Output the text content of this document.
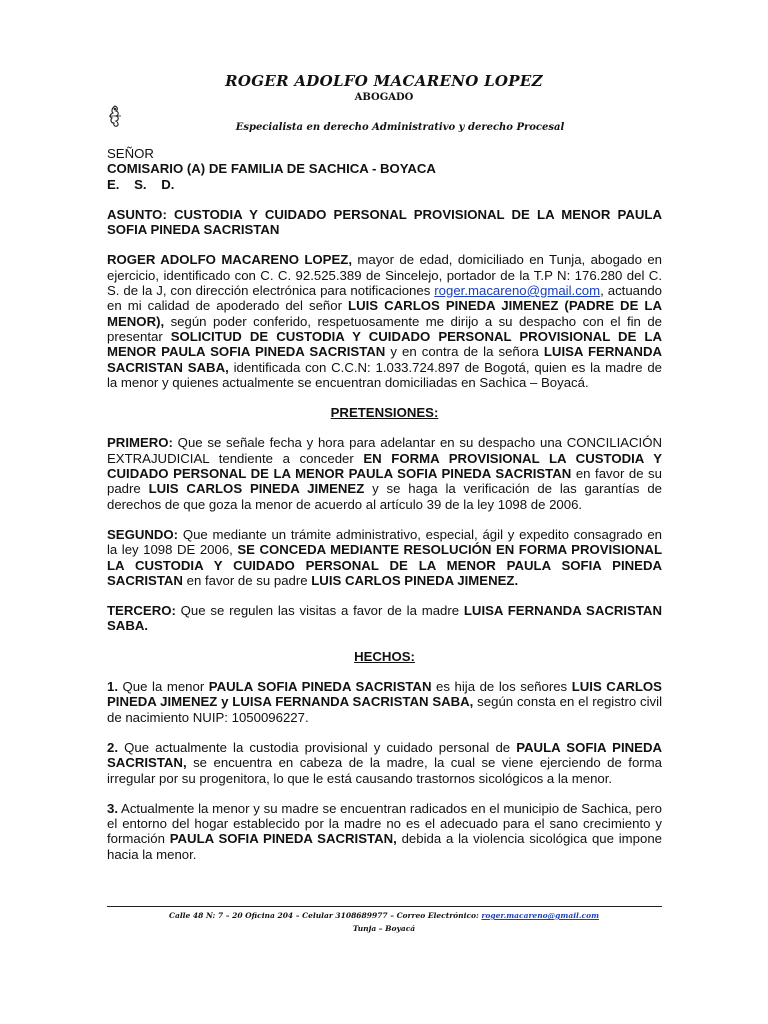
ROGER ADOLFO MACARENO LOPEZ
ABOGADO
Especialista en derecho Administrativo y derecho Procesal

SEÑOR

COMISARIO (A) DE FAMILIA DE SACHICA - BOYACA

E.    S.    D.

ASUNTO: CUSTODIA Y CUIDADO PERSONAL PROVISIONAL DE LA MENOR PAULA SOFIA PINEDA SACRISTAN

ROGER ADOLFO MACARENO LOPEZ, mayor de edad, domiciliado en Tunja, abogado en ejercicio, identificado con C. C. 92.525.389 de Sincelejo, portador de la T.P N: 176.280 del C. S. de la J, con dirección electrónica para notificaciones roger.macareno@gmail.com, actuando en mi calidad de apoderado del señor LUIS CARLOS PINEDA JIMENEZ (PADRE DE LA MENOR), según poder conferido, respetuosamente me dirijo a su despacho con el fin de presentar SOLICITUD DE CUSTODIA Y CUIDADO PERSONAL PROVISIONAL DE LA MENOR PAULA SOFIA PINEDA SACRISTAN y en contra de la señora LUISA FERNANDA SACRISTAN SABA, identificada con C.C.N: 1.033.724.897 de Bogotá, quien es la madre de la menor y quienes actualmente se encuentran domiciliadas en Sachica – Boyacá.

PRETENSIONES:

PRIMERO: Que se señale fecha y hora para adelantar en su despacho una CONCILIACIÓN EXTRAJUDICIAL tendiente a conceder EN FORMA PROVISIONAL LA CUSTODIA Y CUIDADO PERSONAL DE LA MENOR PAULA SOFIA PINEDA SACRISTAN en favor de su padre LUIS CARLOS PINEDA JIMENEZ y se haga la verificación de las garantías de derechos de que goza la menor de acuerdo al artículo 39 de la ley 1098 de 2006.

SEGUNDO: Que mediante un trámite administrativo, especial, ágil y expedito consagrado en la ley 1098 DE 2006, SE CONCEDA MEDIANTE RESOLUCIÓN EN FORMA PROVISIONAL LA CUSTODIA Y CUIDADO PERSONAL DE LA MENOR PAULA SOFIA PINEDA SACRISTAN en favor de su padre LUIS CARLOS PINEDA JIMENEZ.

TERCERO: Que se regulen las visitas a favor de la madre LUISA FERNANDA SACRISTAN SABA.

HECHOS:

1. Que la menor PAULA SOFIA PINEDA SACRISTAN es hija de los señores LUIS CARLOS PINEDA JIMENEZ y LUISA FERNANDA SACRISTAN SABA, según consta en el registro civil de nacimiento NUIP: 1050096227.

2. Que actualmente la custodia provisional y cuidado personal de PAULA SOFIA PINEDA SACRISTAN, se encuentra en cabeza de la madre, la cual se viene ejerciendo de forma irregular por su progenitora, lo que le está causando trastornos sicológicos a la menor.

3. Actualmente la menor y su madre se encuentran radicados en el municipio de Sachica, pero el entorno del hogar establecido por la madre no es el adecuado para el sano crecimiento y formación PAULA SOFIA PINEDA SACRISTAN, debida a la violencia sicológica que impone hacia la menor.

Calle 48 N: 7 – 20 Oficina 204 – Celular 3108689977 – Correo Electrónico: roger.macareno@gmail.com
Tunja – Boyacá
